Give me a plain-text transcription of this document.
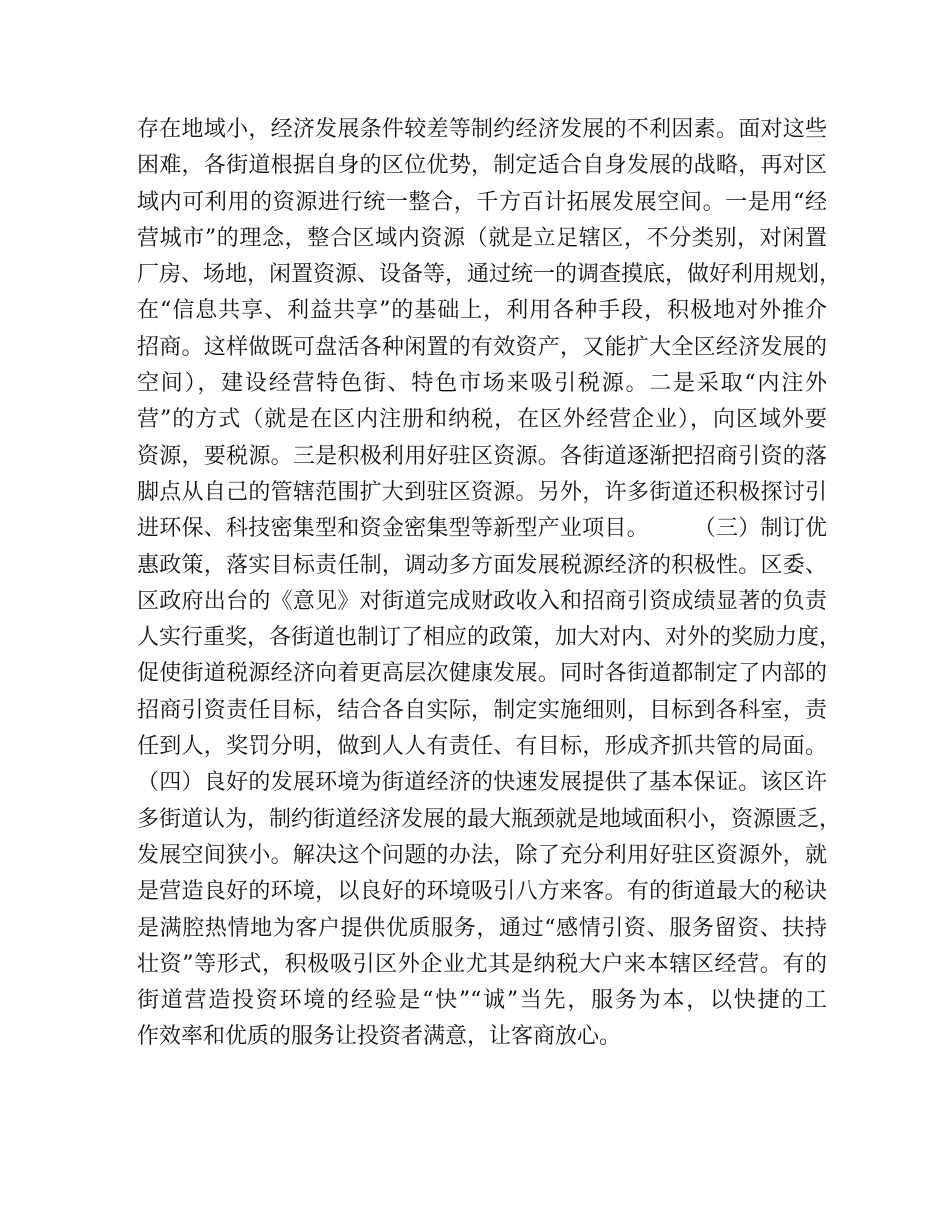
存在地域小，经济发展条件较差等制约经济发展的不利因素。面对这些
困难，各街道根据自身的区位优势，制定适合自身发展的战略，再对区
域内可利用的资源进行统一整合，千方百计拓展发展空间。一是用“经
营城市”的理念，整合区域内资源（就是立足辖区，不分类别，对闲置
厂房、场地，闲置资源、设备等，通过统一的调查摸底，做好利用规划，
在“信息共享、利益共享”的基础上，利用各种手段，积极地对外推介
招商。这样做既可盘活各种闲置的有效资产，又能扩大全区经济发展的
空间），建设经营特色街、特色市场来吸引税源。二是采取“内注外
营”的方式（就是在区内注册和纳税，在区外经营企业），向区域外要
资源，要税源。三是积极利用好驻区资源。各街道逐渐把招商引资的落
脚点从自己的管辖范围扩大到驻区资源。另外，许多街道还积极探讨引
进环保、科技密集型和资金密集型等新型产业项目。　　　（三）制订优
惠政策，落实目标责任制，调动多方面发展税源经济的积极性。区委、
区政府出台的《意见》对街道完成财政收入和招商引资成绩显著的负责
人实行重奖，各街道也制订了相应的政策，加大对内、对外的奖励力度，
促使街道税源经济向着更高层次健康发展。同时各街道都制定了内部的
招商引资责任目标，结合各自实际，制定实施细则，目标到各科室，责
任到人，奖罚分明，做到人人有责任、有目标，形成齐抓共管的局面。
（四）良好的发展环境为街道经济的快速发展提供了基本保证。该区许
多街道认为，制约街道经济发展的最大瓶颈就是地域面积小，资源匮乏，
发展空间狭小。解决这个问题的办法，除了充分利用好驻区资源外，就
是营造良好的环境，以良好的环境吸引八方来客。有的街道最大的秘诀
是满腔热情地为客户提供优质服务，通过“感情引资、服务留资、扶持
壮资”等形式，积极吸引区外企业尤其是纳税大户来本辖区经营。有的
街道营造投资环境的经验是“快”“诚”当先，服务为本，以快捷的工
作效率和优质的服务让投资者满意，让客商放心。
